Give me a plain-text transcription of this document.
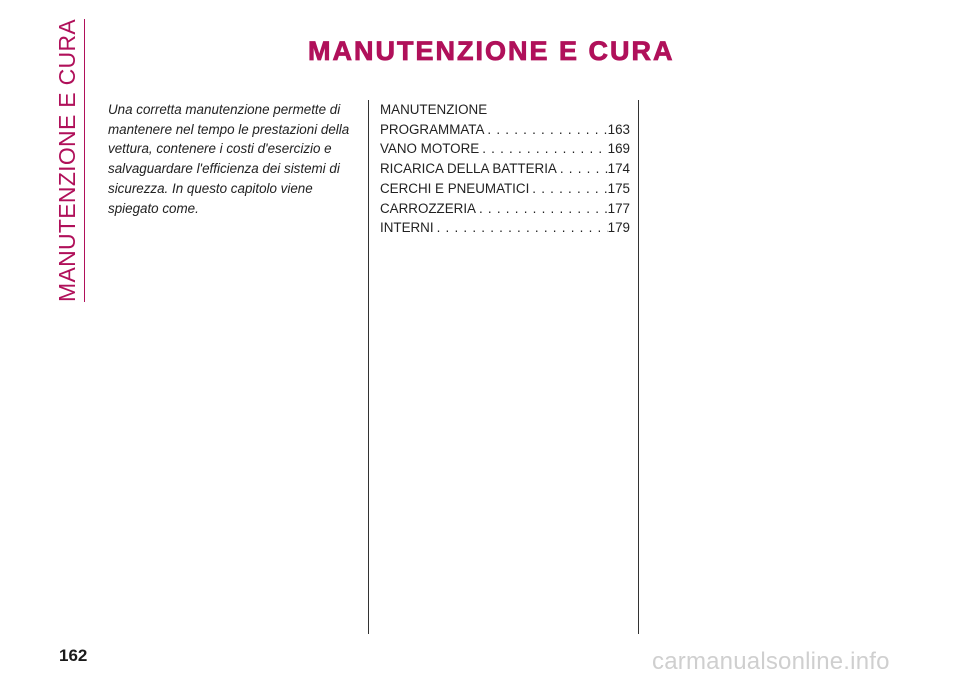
MANUTENZIONE E CURA	MANUTENZIONE E CURA
Una corretta manutenzione permette di mantenere nel tempo le prestazioni della vettura, contenere i costi d'esercizio e salvaguardare l'efficienza dei sistemi di sicurezza. In questo capitolo viene spiegato come.
MANUTENZIONE
PROGRAMMATA . . .	163
VANO MOTORE . . .	169
RICARICA DELLA BATTERIA . . .	174
CERCHI E PNEUMATICI . . .	175
CARROZZERIA . . .	177
INTERNI . . .	179
162	carmanualsonline.info
